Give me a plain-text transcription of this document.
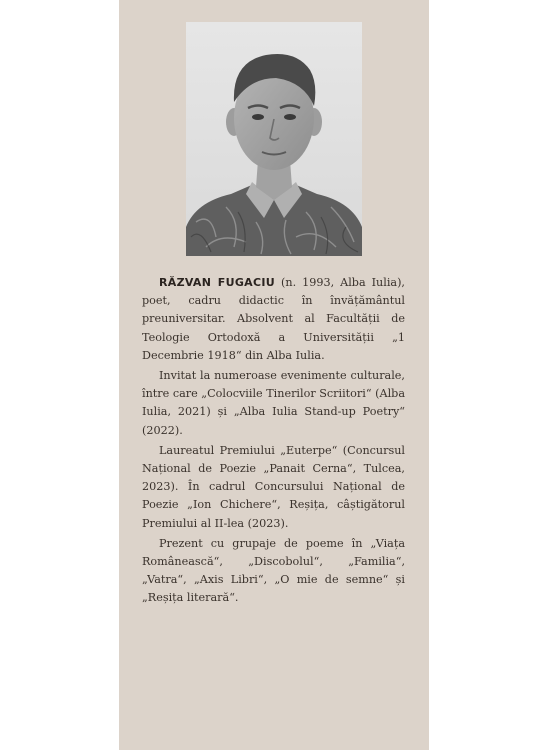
RĂZVAN FUGACIU (n. 1993, Alba Iulia), poet, cadru didactic în învățământul preuniversitar. Absolvent al Facultății de Teologie Ortodoxă a Universității „1 Decembrie 1918“ din Alba Iulia.

Invitat la numeroase evenimente culturale, între care „Colocviile Tinerilor Scriitori“ (Alba Iulia, 2021) și „Alba Iulia Stand-up Poetry“ (2022).

Laureatul Premiului „Euterpe“ (Concursul Național de Poezie „Panait Cerna“, Tulcea, 2023). În cadrul Concursului Național de Poezie „Ion Chichere“, Reșița, câștigătorul Premiului al II-lea (2023).

Prezent cu grupaje de poeme în „Viața Românească“, „Discobolul“, „Familia“, „Vatra“, „Axis Libri“, „O mie de semne“ și „Reșița literară“.
